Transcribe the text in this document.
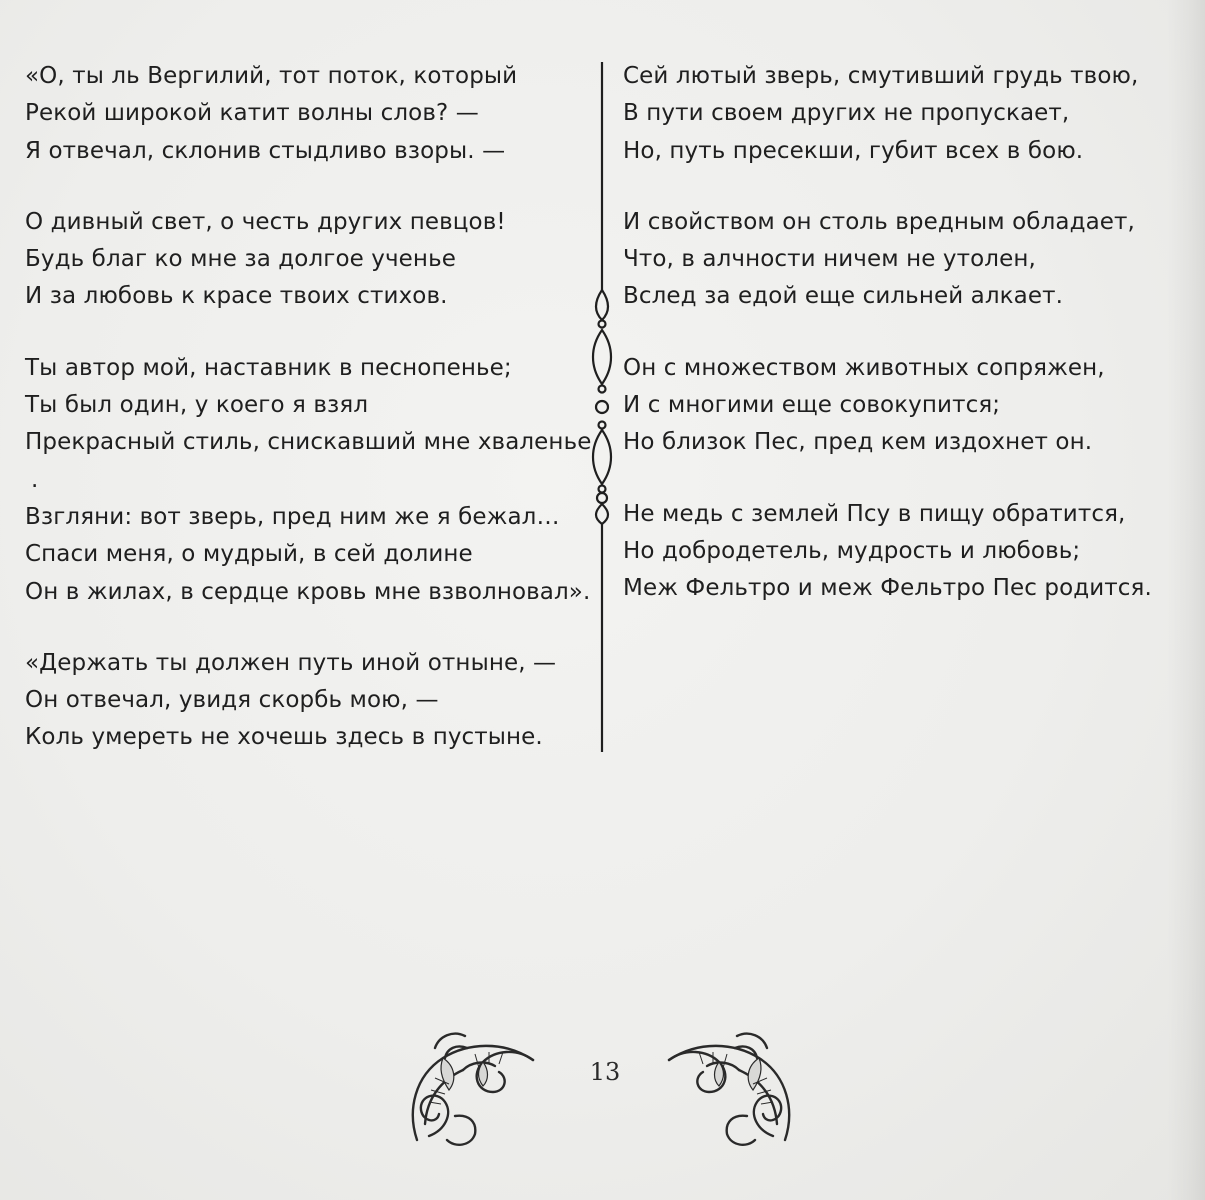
«О, ты ль Вергилий, тот поток, который
Рекой широкой катит волны слов? —
Я отвечал, склонив стыдливо взоры. —
О дивный свет, о честь других певцов!
Будь благ ко мне за долгое ученье
И за любовь к красе твоих стихов.
Ты автор мой, наставник в песнопенье;
Ты был один, у коего я взял
Прекрасный стиль, снискавший мне хваленье
.
Взгляни: вот зверь, пред ним же я бежал…
Спаси меня, о мудрый, в сей долине
Он в жилах, в сердце кровь мне взволновал».
«Держать ты должен путь иной отныне, —
Он отвечал, увидя скорбь мою, —
Коль умереть не хочешь здесь в пустыне.
Сей лютый зверь, смутивший грудь твою,
В пути своем других не пропускает,
Но, путь пресекши, губит всех в бою.
И свойством он столь вредным обладает,
Что, в алчности ничем не утолен,
Вслед за едой еще сильней алкает.
Он с множеством животных сопряжен,
И с многими еще совокупится;
Но близок Пес, пред кем издохнет он.
Не медь с землей Псу в пищу обратится,
Но добродетель, мудрость и любовь;
Меж Фельтро и меж Фельтро Пес родится.
13
